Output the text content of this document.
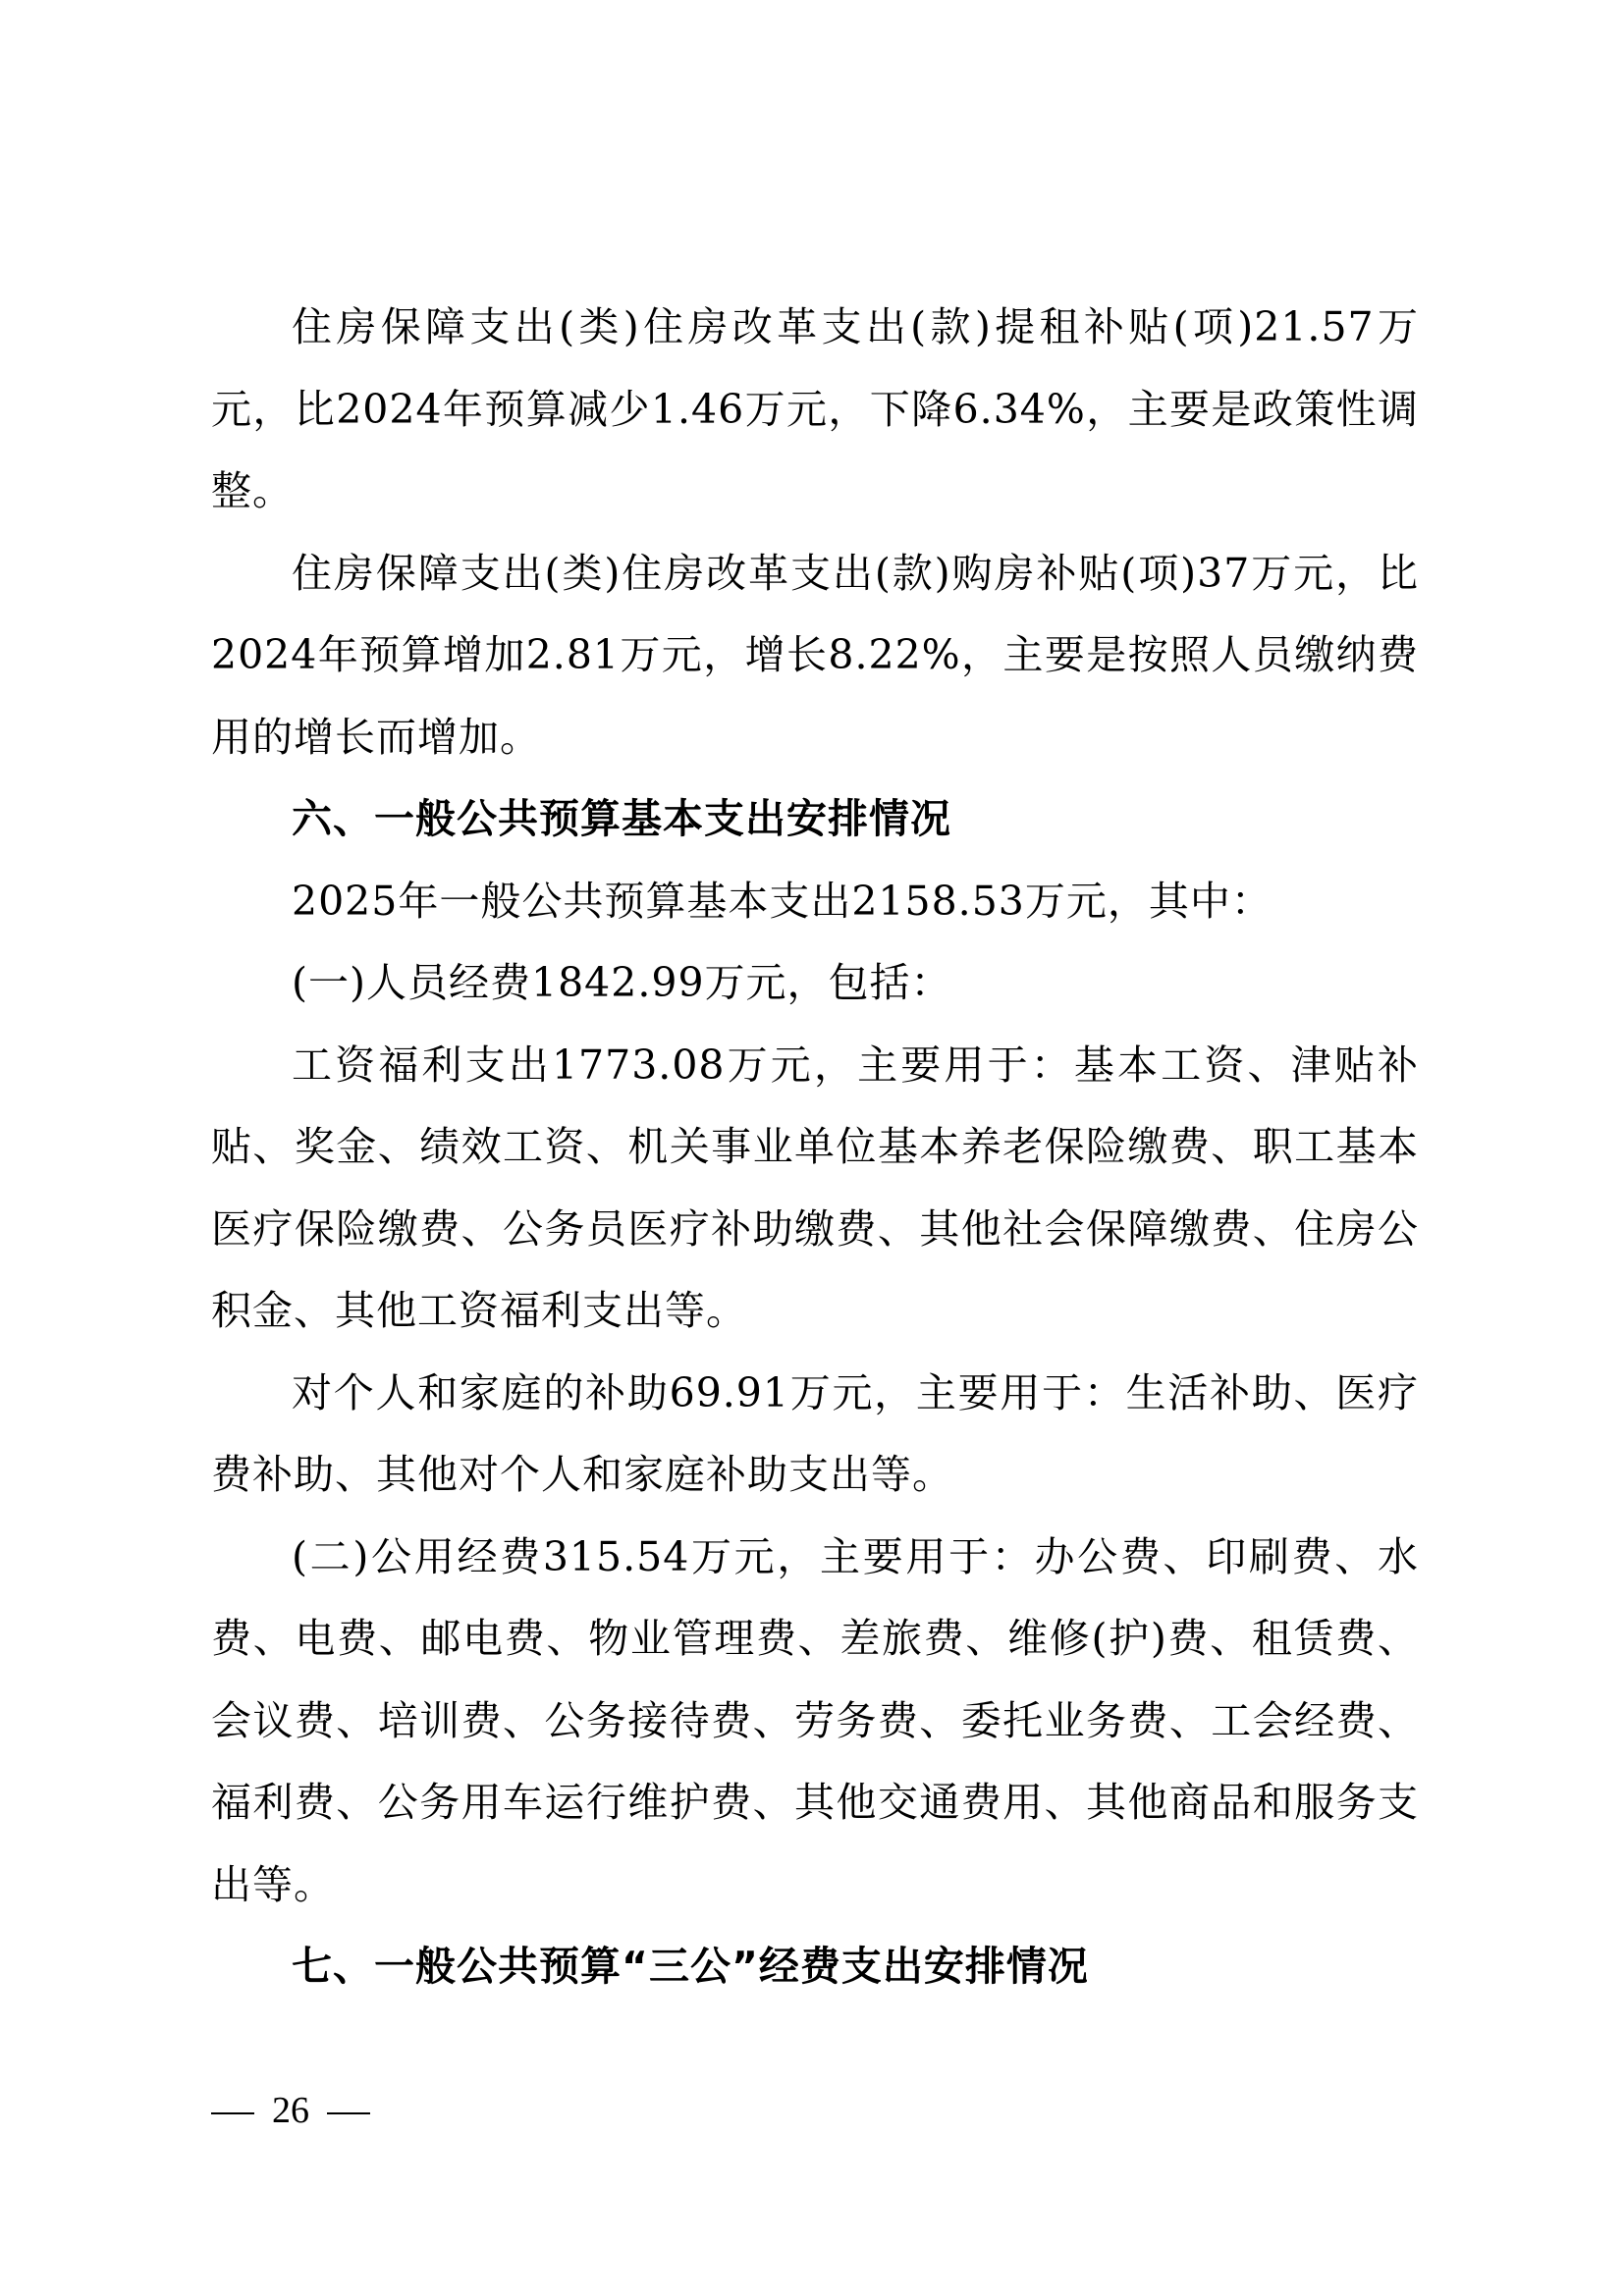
住房保障支出(类)住房改革支出(款)提租补贴(项)21.57万元，比2024年预算减少1.46万元，下降6.34%，主要是政策性调整。

住房保障支出(类)住房改革支出(款)购房补贴(项)37万元，比2024年预算增加2.81万元，增长8.22%，主要是按照人员缴纳费用的增长而增加。

六、一般公共预算基本支出安排情况

2025年一般公共预算基本支出2158.53万元，其中：

(一)人员经费1842.99万元，包括：

工资福利支出1773.08万元，主要用于：基本工资、津贴补贴、奖金、绩效工资、机关事业单位基本养老保险缴费、职工基本医疗保险缴费、公务员医疗补助缴费、其他社会保障缴费、住房公积金、其他工资福利支出等。

对个人和家庭的补助69.91万元，主要用于：生活补助、医疗费补助、其他对个人和家庭补助支出等。

(二)公用经费315.54万元，主要用于：办公费、印刷费、水费、电费、邮电费、物业管理费、差旅费、维修(护)费、租赁费、会议费、培训费、公务接待费、劳务费、委托业务费、工会经费、福利费、公务用车运行维护费、其他交通费用、其他商品和服务支出等。

七、一般公共预算“三公”经费支出安排情况

26
